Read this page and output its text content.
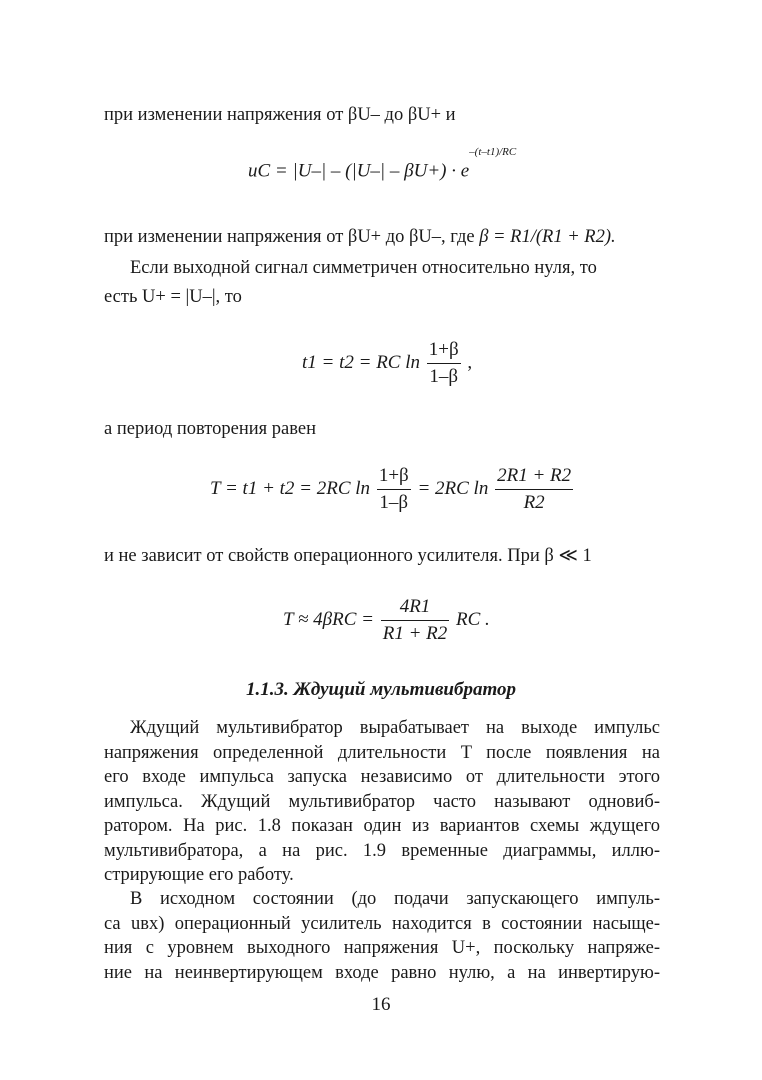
при изменении напряжения от βU– до βU+ и
uC = $|U-| - (|U-| - \beta U+) \cdot e^{-(t-t1)/RC}$
при изменении напряжения от βU+ до βU–, где β = R1/(R1 + R2).
Если выходной сигнал симметричен относительно нуля, то
есть U+ = |U–|, то
t1 = t2 = RC $\ln \frac{1+\beta}{1-\beta}$ ,
а период повторения равен
T = t1 + t2 = 2RC $\ln \frac{1+\beta}{1-\beta} = 2RC$ $\ln \frac{2R1 + R2}{R2}$
и не зависит от свойств операционного усилителя. При β ≪ 1
$T \approx 4\beta RC = \frac{4R1}{R1 + R2}$ RC .
1.1.3. Ждущий мультивибратор
Ждущий мультивибратор вырабатывает на выходе импульс
напряжения определенной длительности T после появления на
его входе импульса запуска независимо от длительности этого
импульса. Ждущий мультивибратор часто называют одновиб-
ратором. На рис. 1.8 показан один из вариантов схемы ждущего
мультивибратора, а на рис. 1.9 временные диаграммы, иллю-
стрирующие его работу.
В исходном состоянии (до подачи запускающего импуль-
са uвх) операционный усилитель находится в состоянии насыще-
ния с уровнем выходного напряжения U+, поскольку напряже-
ние на неинвертирующем входе равно нулю, а на инвертирую-
16
